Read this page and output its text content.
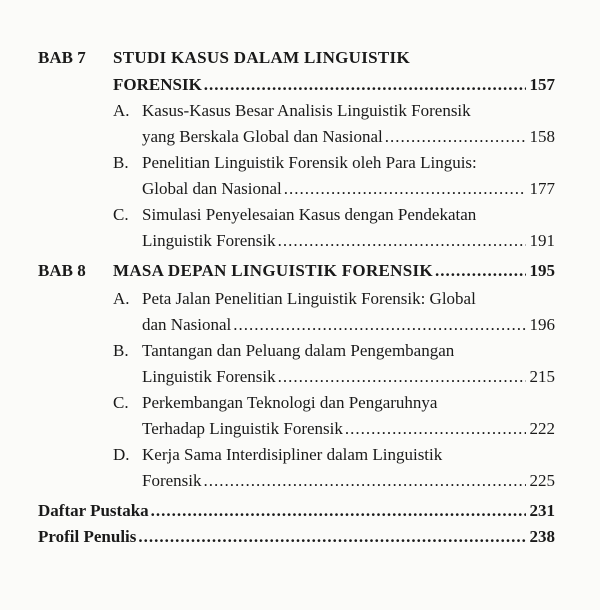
BAB 7 STUDI KASUS DALAM LINGUISTIK
FORENSIK .....	157
A. Kasus-Kasus Besar Analisis Linguistik Forensik
yang Berskala Global dan Nasional .....	158
B. Penelitian Linguistik Forensik oleh Para Linguis:
Global dan Nasional .....	177
C. Simulasi Penyelesaian Kasus dengan Pendekatan
Linguistik Forensik .....	191
BAB 8 MASA DEPAN LINGUISTIK FORENSIK .....	195
A. Peta Jalan Penelitian Linguistik Forensik: Global
dan Nasional .....	196
B. Tantangan dan Peluang dalam Pengembangan
Linguistik Forensik .....	215
C. Perkembangan Teknologi dan Pengaruhnya
Terhadap Linguistik Forensik .....	222
D. Kerja Sama Interdisipliner dalam Linguistik
Forensik .....	225
Daftar Pustaka .....	231
Profil Penulis .....	238
